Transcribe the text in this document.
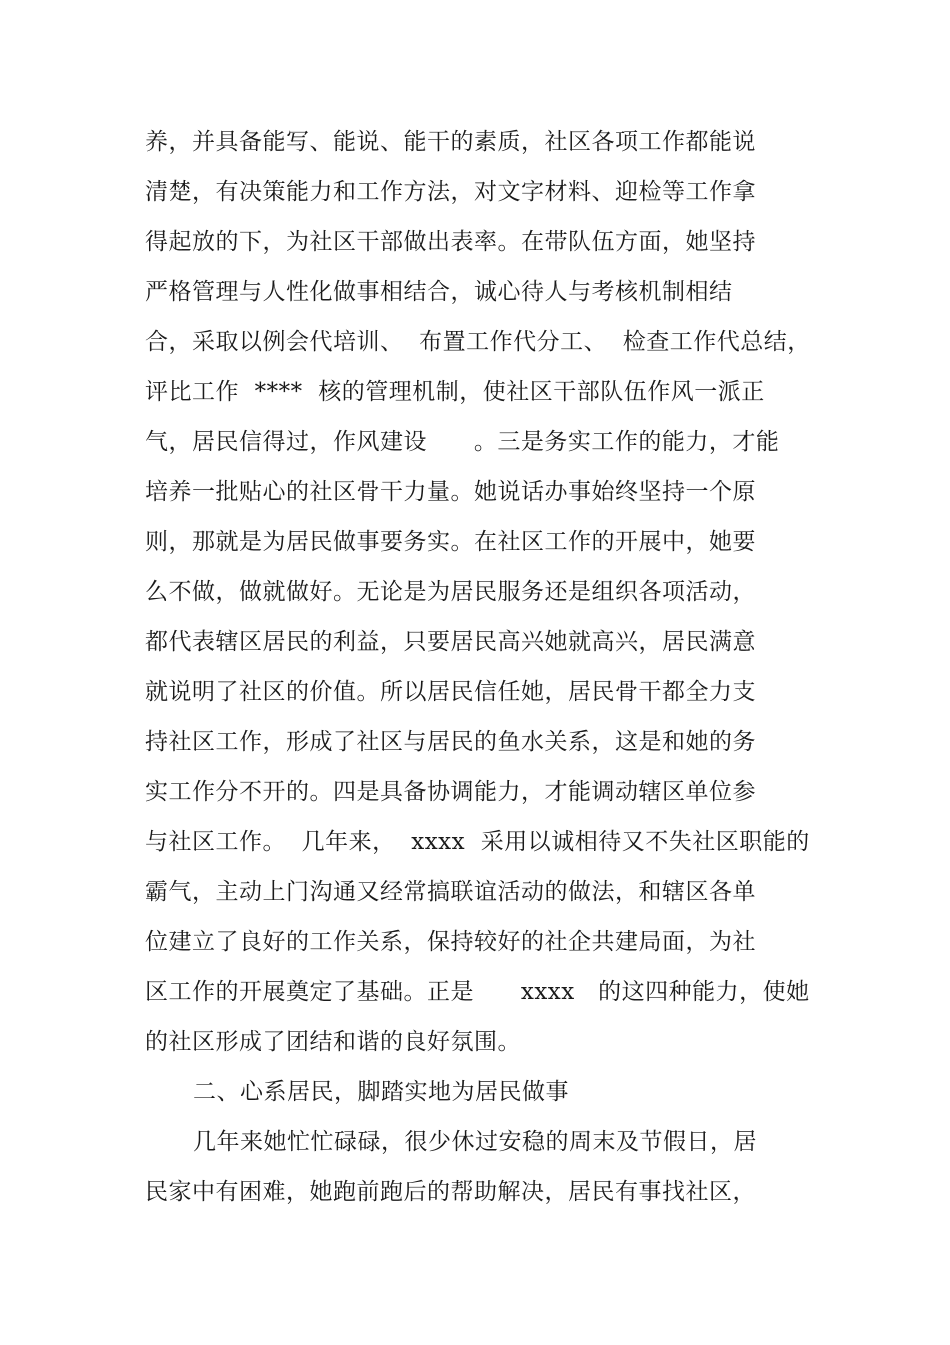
养，并具备能写、能说、能干的素质，社区各项工作都能说
清楚，有决策能力和工作方法，对文字材料、迎检等工作拿
得起放的下，为社区干部做出表率。在带队伍方面，她坚持
严格管理与人性化做事相结合，诚心待人与考核机制相结
合，采取以例会代培训、  布置工作代分工、  检查工作代总结，
评比工作  ****  核的管理机制，使社区干部队伍作风一派正
气，居民信得过，作风建设      。三是务实工作的能力，才能
培养一批贴心的社区骨干力量。她说话办事始终坚持一个原
则，那就是为居民做事要务实。在社区工作的开展中，她要
么不做，做就做好。无论是为居民服务还是组织各项活动，
都代表辖区居民的利益，只要居民高兴她就高兴，居民满意
就说明了社区的价值。所以居民信任她，居民骨干都全力支
持社区工作，形成了社区与居民的鱼水关系，这是和她的务
实工作分不开的。四是具备协调能力，才能调动辖区单位参
与社区工作。  几年来，  xxxx  采用以诚相待又不失社区职能的
霸气，主动上门沟通又经常搞联谊活动的做法，和辖区各单
位建立了良好的工作关系，保持较好的社企共建局面，为社
区工作的开展奠定了基础。正是      xxxx   的这四种能力，使她
的社区形成了团结和谐的良好氛围。
二、心系居民，脚踏实地为居民做事
几年来她忙忙碌碌，很少休过安稳的周末及节假日，居
民家中有困难，她跑前跑后的帮助解决，居民有事找社区，
